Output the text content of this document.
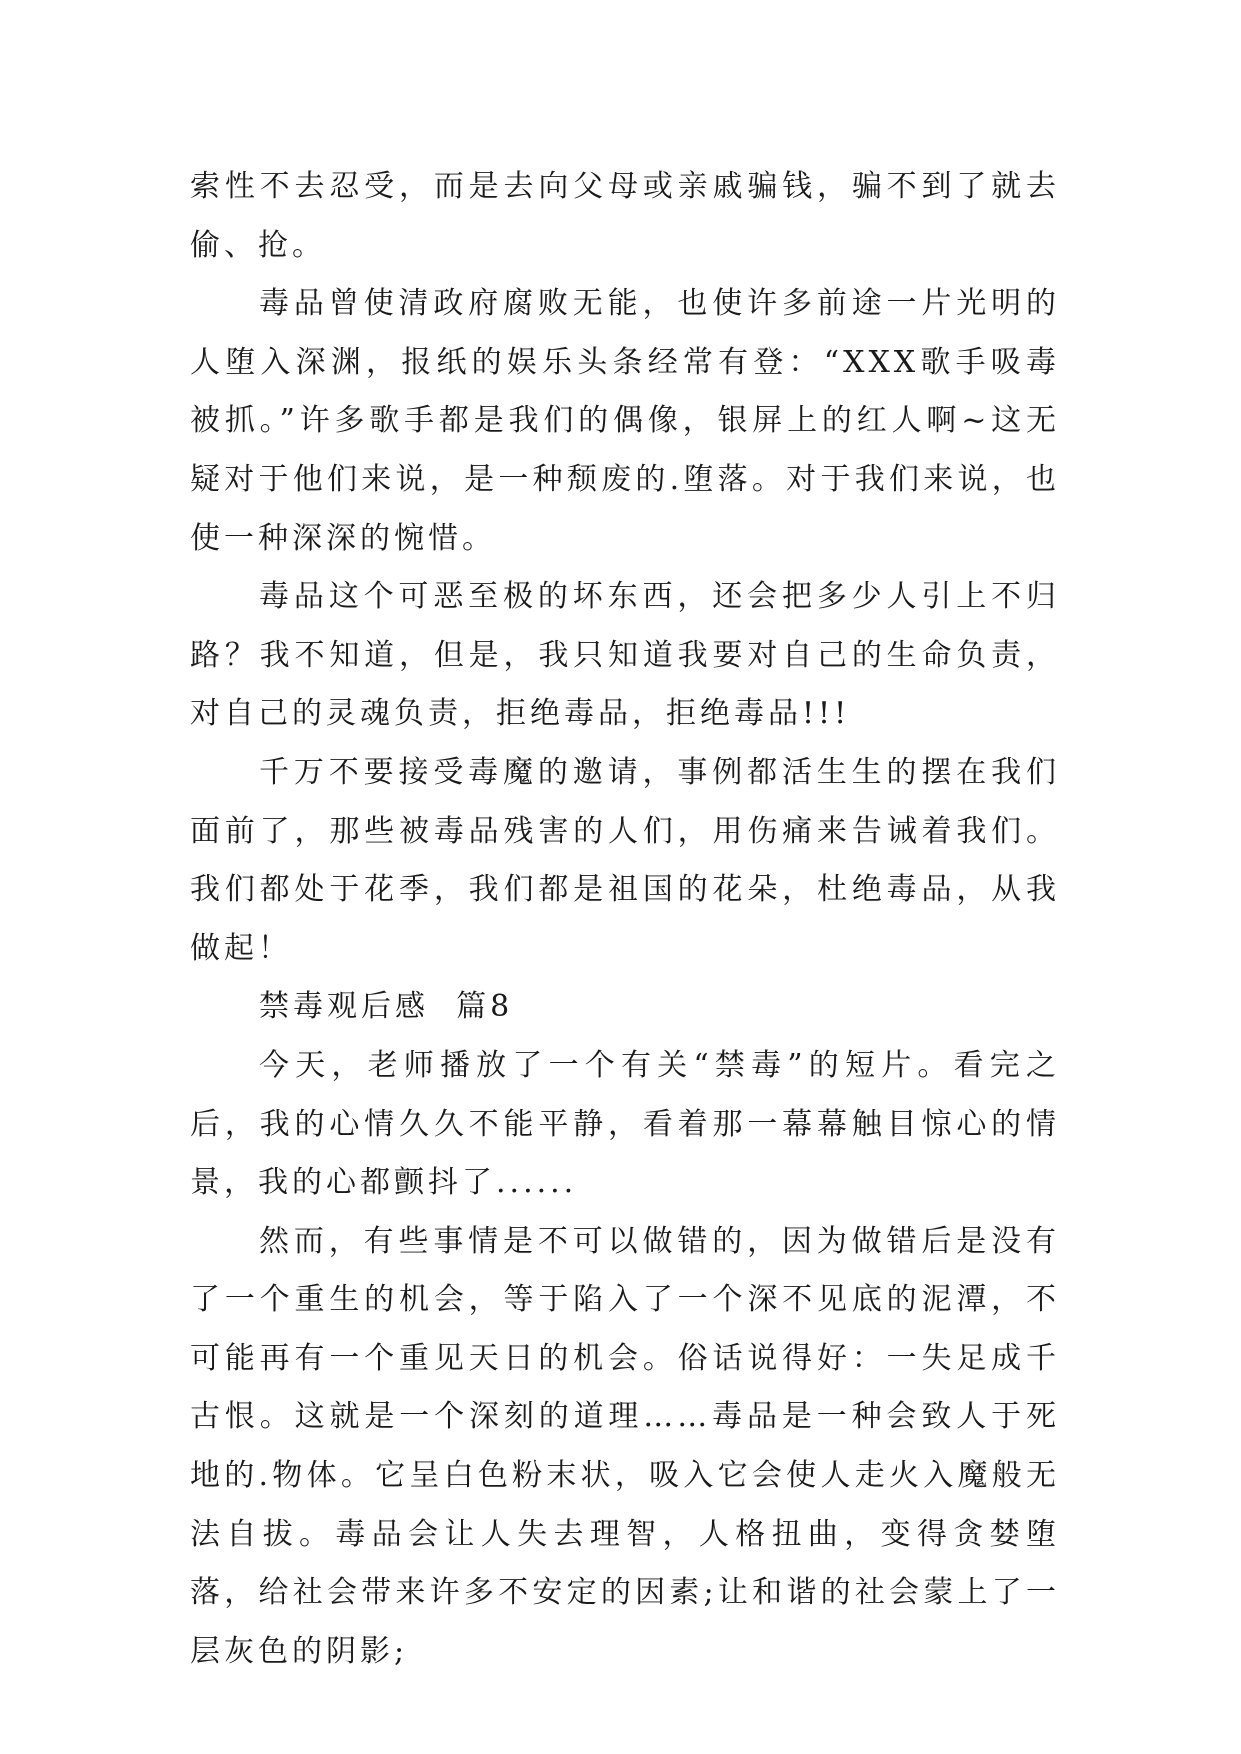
索性不去忍受，而是去向父母或亲戚骗钱，骗不到了就去偷、抢。

毒品曾使清政府腐败无能，也使许多前途一片光明的人堕入深渊，报纸的娱乐头条经常有登：“XXX歌手吸毒被抓。”许多歌手都是我们的偶像，银屏上的红人啊~这无疑对于他们来说，是一种颓废的.堕落。对于我们来说，也使一种深深的惋惜。

毒品这个可恶至极的坏东西，还会把多少人引上不归路？我不知道，但是，我只知道我要对自己的生命负责，对自己的灵魂负责，拒绝毒品，拒绝毒品!!!

千万不要接受毒魔的邀请，事例都活生生的摆在我们面前了，那些被毒品残害的人们，用伤痛来告诫着我们。我们都处于花季，我们都是祖国的花朵，杜绝毒品，从我做起！

禁毒观后感  篇8

今天，老师播放了一个有关“禁毒”的短片。看完之后，我的心情久久不能平静，看着那一幕幕触目惊心的情景，我的心都颤抖了......

然而，有些事情是不可以做错的，因为做错后是没有了一个重生的机会，等于陷入了一个深不见底的泥潭，不可能再有一个重见天日的机会。俗话说得好：一失足成千古恨。这就是一个深刻的道理……毒品是一种会致人于死地的.物体。它呈白色粉末状，吸入它会使人走火入魔般无法自拔。毒品会让人失去理智，人格扭曲，变得贪婪堕落，给社会带来许多不安定的因素;让和谐的社会蒙上了一层灰色的阴影;
